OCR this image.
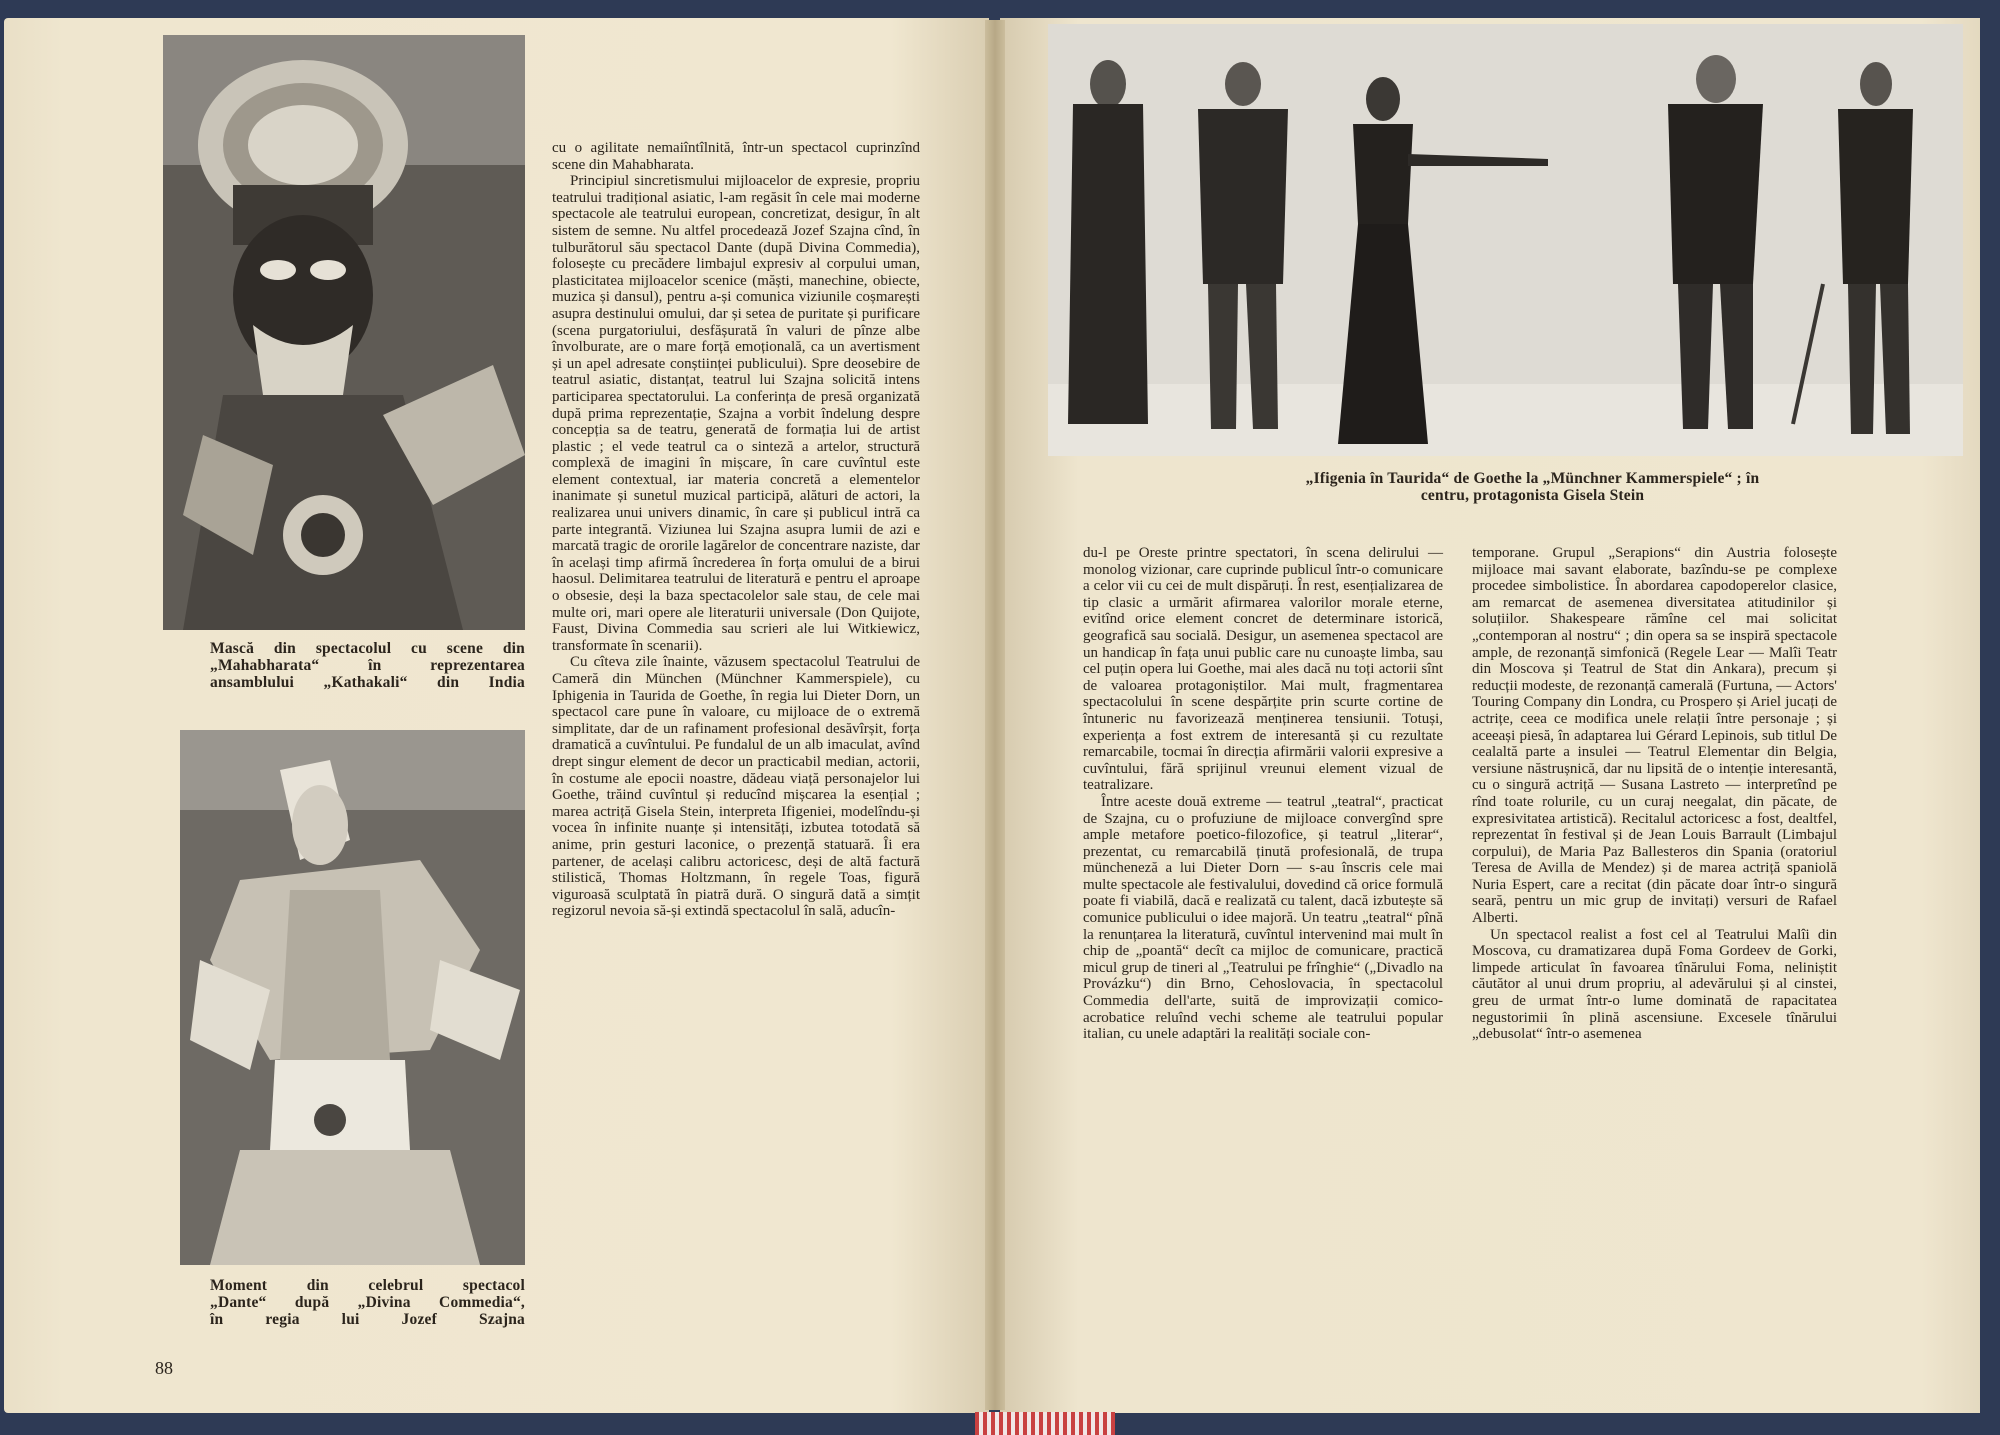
Mască din spectacolul cu scene din
„Mahabharata“ în reprezentarea
ansamblului „Kathakali“ din India
Moment din celebrul spectacol
„Dante“ după „Divina Commedia“,
în regia lui Jozef Szajna

cu o agilitate nemaiîntîlnită, într-un spectacol cuprinzînd scene din Mahabharata.

Principiul sincretismului mijloacelor de expresie, propriu teatrului tradițional asiatic, l-am regăsit în cele mai moderne spectacole ale teatrului european, concretizat, desigur, în alt sistem de semne. Nu altfel procedează Jozef Szajna cînd, în tulburătorul său spectacol Dante (după Divina Commedia), folosește cu precădere limbajul expresiv al corpului uman, plasticitatea mijloacelor scenice (măști, manechine, obiecte, muzica și dansul), pentru a-și comunica viziunile coșmarești asupra destinului omului, dar și setea de puritate și purificare (scena purgatoriului, desfășurată în valuri de pînze albe învolburate, are o mare forță emoțională, ca un avertisment și un apel adresate conștiinței publicului). Spre deosebire de teatrul asiatic, distanțat, teatrul lui Szajna solicită intens participarea spectatorului. La conferința de presă organizată după prima reprezentație, Szajna a vorbit îndelung despre concepția sa de teatru, generată de formația lui de artist plastic ; el vede teatrul ca o sinteză a artelor, structură complexă de imagini în mișcare, în care cuvîntul este element contextual, iar materia concretă a elementelor inanimate și sunetul muzical participă, alături de actori, la realizarea unui univers dinamic, în care și publicul intră ca parte integrantă. Viziunea lui Szajna asupra lumii de azi e marcată tragic de ororile lagărelor de concentrare naziste, dar în același timp afirmă încrederea în forța omului de a birui haosul. Delimitarea teatrului de literatură e pentru el aproape o obsesie, deși la baza spectacolelor sale stau, de cele mai multe ori, mari opere ale literaturii universale (Don Quijote, Faust, Divina Commedia sau scrieri ale lui Witkiewicz, transformate în scenarii).

Cu cîteva zile înainte, văzusem spectacolul Teatrului de Cameră din München (Münchner Kammerspiele), cu Iphigenia in Taurida de Goethe, în regia lui Dieter Dorn, un spectacol care pune în valoare, cu mijloace de o extremă simplitate, dar de un rafinament profesional desăvîrșit, forța dramatică a cuvîntului. Pe fundalul de un alb imaculat, avînd drept singur element de decor un practicabil median, actorii, în costume ale epocii noastre, dădeau viață personajelor lui Goethe, trăind cuvîntul și reducînd mișcarea la esențial ; marea actriță Gisela Stein, interpreta Ifigeniei, modelîndu-și vocea în infinite nuanțe și intensități, izbutea totodată să anime, prin gesturi laconice, o prezență statuară. Îi era partener, de același calibru actoricesc, deși de altă factură stilistică, Thomas Holtzmann, în regele Toas, figură viguroasă sculptată în piatră dură. O singură dată a simțit regizorul nevoia să-și extindă spectacolul în sală, aducîn-

88
„Ifigenia în Taurida“ de Goethe la „Münchner Kammerspiele“ ; în
centru, protagonista Gisela Stein

du-l pe Oreste printre spectatori, în scena delirului — monolog vizionar, care cuprinde publicul într-o comunicare a celor vii cu cei de mult dispăruți. În rest, esențializarea de tip clasic a urmărit afirmarea valorilor morale eterne, evitînd orice element concret de determinare istorică, geografică sau socială. Desigur, un asemenea spectacol are un handicap în fața unui public care nu cunoaște limba, sau cel puțin opera lui Goethe, mai ales dacă nu toți actorii sînt de valoarea protagoniștilor. Mai mult, fragmentarea spectacolului în scene despărțite prin scurte cortine de întuneric nu favorizează menținerea tensiunii. Totuși, experiența a fost extrem de interesantă și cu rezultate remarcabile, tocmai în direcția afirmării valorii expresive a cuvîntului, fără sprijinul vreunui element vizual de teatralizare.

Între aceste două extreme — teatrul „teatral“, practicat de Szajna, cu o profuziune de mijloace convergînd spre ample metafore poetico-filozofice, și teatrul „literar“, prezentat, cu remarcabilă ținută profesională, de trupa müncheneză a lui Dieter Dorn — s-au înscris cele mai multe spectacole ale festivalului, dovedind că orice formulă poate fi viabilă, dacă e realizată cu talent, dacă izbutește să comunice publicului o idee majoră. Un teatru „teatral“ pînă la renunțarea la literatură, cuvîntul intervenind mai mult în chip de „poantă“ decît ca mijloc de comunicare, practică micul grup de tineri al „Teatrului pe frînghie“ („Divadlo na Provázku“) din Brno, Cehoslovacia, în spectacolul Commedia dell'arte, suită de improvizații comico-acrobatice reluînd vechi scheme ale teatrului popular italian, cu unele adaptări la realități sociale con-

temporane. Grupul „Serapions“ din Austria folosește mijloace mai savant elaborate, bazîndu-se pe complexe procedee simbolistice. În abordarea capodoperelor clasice, am remarcat de asemenea diversitatea atitudinilor și soluțiilor. Shakespeare rămîne cel mai solicitat „contemporan al nostru“ ; din opera sa se inspiră spectacole ample, de rezonanță simfonică (Regele Lear — Malîi Teatr din Moscova și Teatrul de Stat din Ankara), precum și reducții modeste, de rezonanță camerală (Furtuna, — Actors' Touring Company din Londra, cu Prospero și Ariel jucați de actrițe, ceea ce modifica unele relații între personaje ; și aceeași piesă, în adaptarea lui Gérard Lepinois, sub titlul De cealaltă parte a insulei — Teatrul Elementar din Belgia, versiune năstrușnică, dar nu lipsită de o intenție interesantă, cu o singură actriță — Susana Lastreto — interpretînd pe rînd toate rolurile, cu un curaj neegalat, din păcate, de expresivitatea artistică). Recitalul actoricesc a fost, dealtfel, reprezentat în festival și de Jean Louis Barrault (Limbajul corpului), de Maria Paz Ballesteros din Spania (oratoriul Teresa de Avilla de Mendez) și de marea actriță spaniolă Nuria Espert, care a recitat (din păcate doar într-o singură seară, pentru un mic grup de invitați) versuri de Rafael Alberti.

Un spectacol realist a fost cel al Teatrului Malîi din Moscova, cu dramatizarea după Foma Gordeev de Gorki, limpede articulat în favoarea tînărului Foma, neliniștit căutător al unui drum propriu, al adevărului și al cinstei, greu de urmat într-o lume dominată de rapacitatea negustorimii în plină ascensiune. Excesele tînărului „debusolat“ într-o asemenea
